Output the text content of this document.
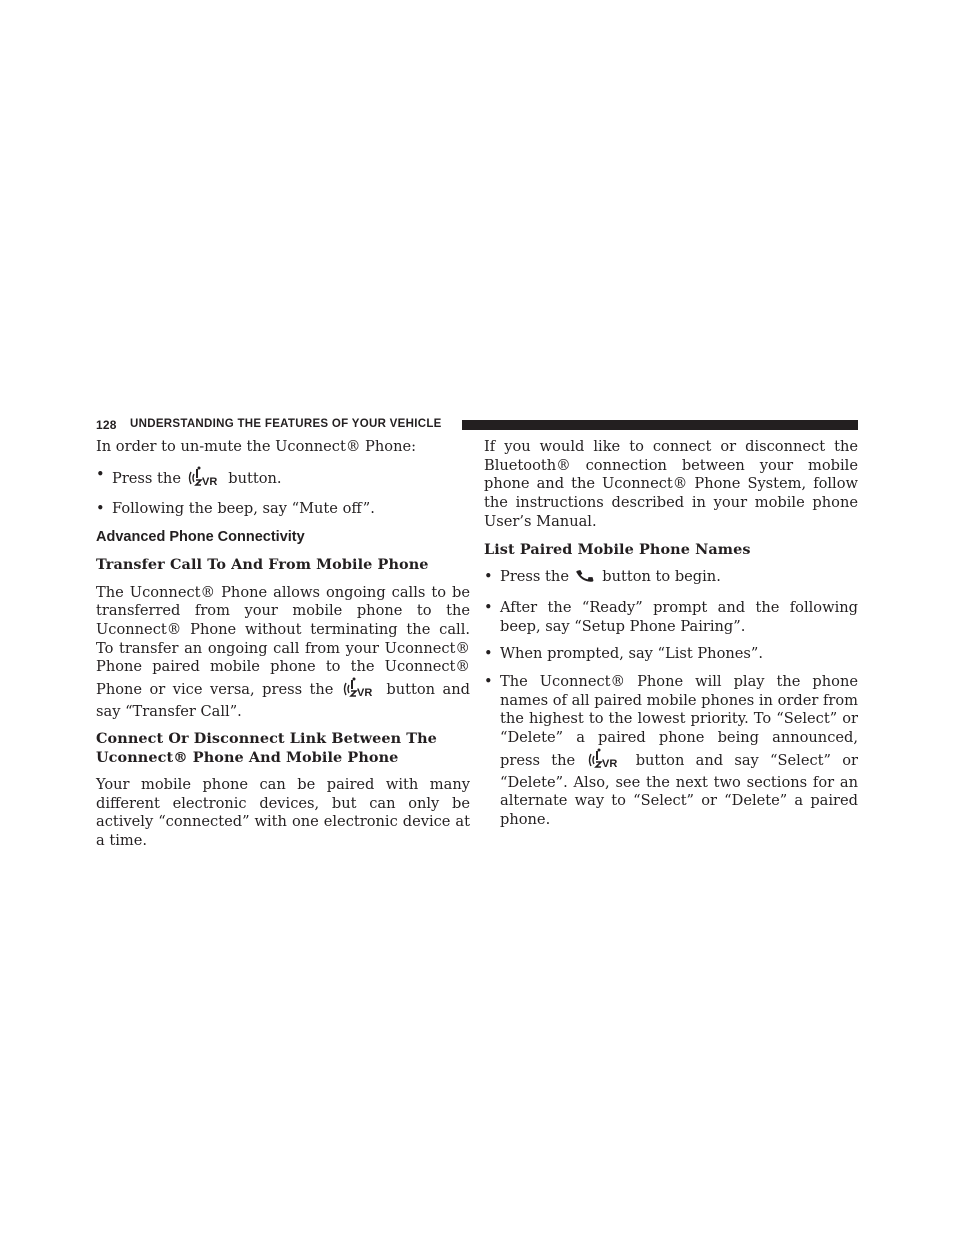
128 UNDERSTANDING THE FEATURES OF YOUR VEHICLE

In order to un-mute the Uconnect® Phone:

• Press the VR button.
• Following the beep, say “Mute off”.

Advanced Phone Connectivity

Transfer Call To And From Mobile Phone

The Uconnect® Phone allows ongoing calls to be transferred from your mobile phone to the Uconnect® Phone without terminating the call. To transfer an ongoing call from your Uconnect® Phone paired mobile phone to the Uconnect® Phone or vice versa, press the VR button and say “Transfer Call”.

Connect Or Disconnect Link Between The Uconnect® Phone And Mobile Phone

Your mobile phone can be paired with many different electronic devices, but can only be actively “connected” with one electronic device at a time.

If you would like to connect or disconnect the Bluetooth® connection between your mobile phone and the Uconnect® Phone System, follow the instructions described in your mobile phone User’s Manual.

List Paired Mobile Phone Names

• Press the button to begin.
• After the “Ready” prompt and the following beep, say “Setup Phone Pairing”.
• When prompted, say “List Phones”.
• The Uconnect® Phone will play the phone names of all paired mobile phones in order from the highest to the lowest priority. To “Select” or “Delete” a paired phone being announced, press the VR button and say “Select” or “Delete”. Also, see the next two sections for an alternate way to “Select” or “Delete” a paired phone.
